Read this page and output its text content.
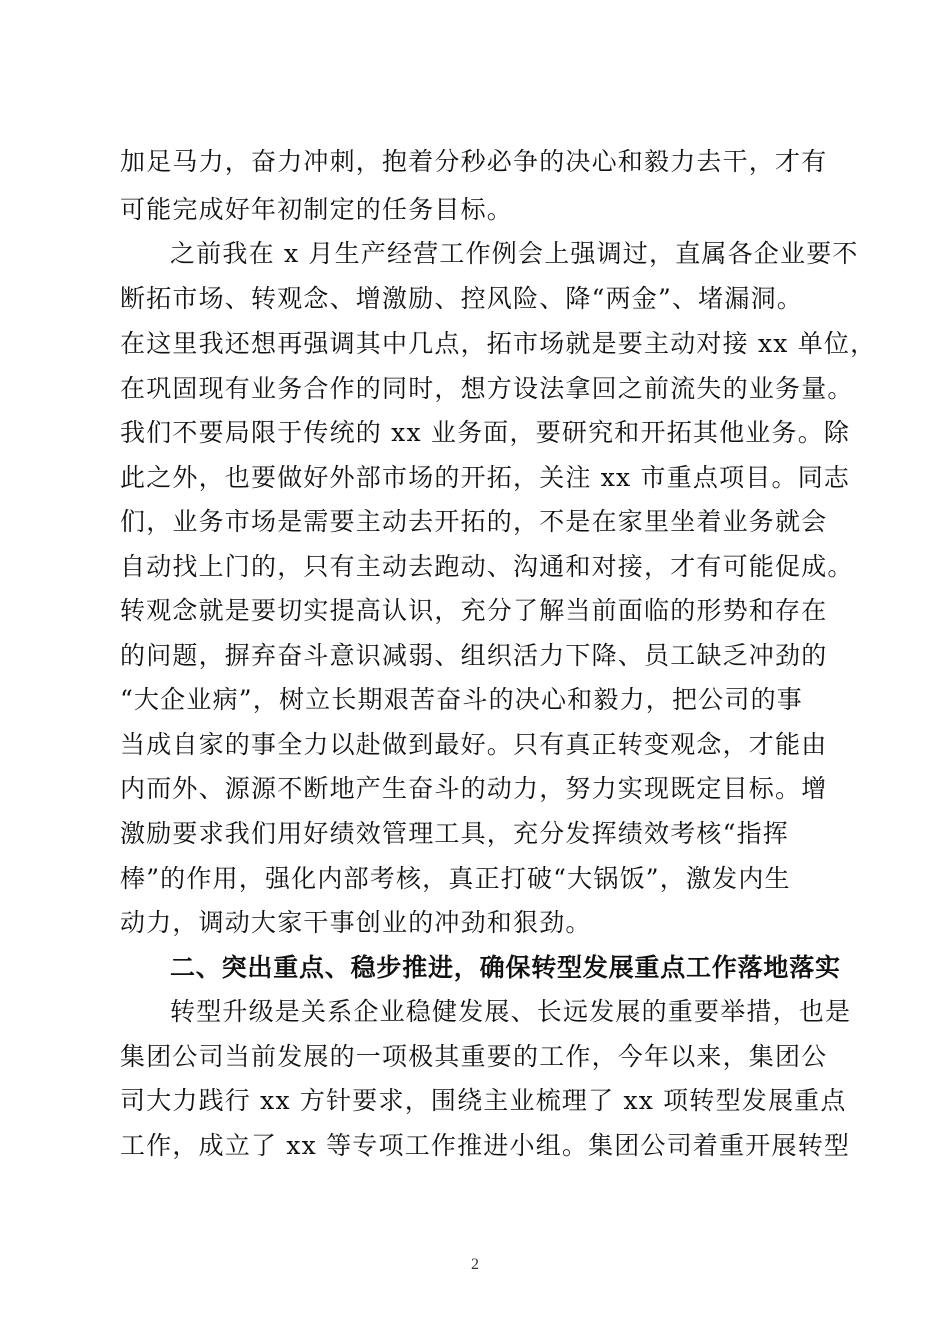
加足马力，奋力冲刺，抱着分秒必争的决心和毅力去干，才有
可能完成好年初制定的任务目标。
之前我在 x 月生产经营工作例会上强调过，直属各企业要不
断拓市场、转观念、增激励、控风险、降“两金”、堵漏洞。
在这里我还想再强调其中几点，拓市场就是要主动对接 xx 单位，
在巩固现有业务合作的同时，想方设法拿回之前流失的业务量。
我们不要局限于传统的 xx 业务面，要研究和开拓其他业务。除
此之外，也要做好外部市场的开拓，关注 xx 市重点项目。同志
们，业务市场是需要主动去开拓的，不是在家里坐着业务就会
自动找上门的，只有主动去跑动、沟通和对接，才有可能促成。
转观念就是要切实提高认识，充分了解当前面临的形势和存在
的问题，摒弃奋斗意识减弱、组织活力下降、员工缺乏冲劲的
“大企业病”，树立长期艰苦奋斗的决心和毅力，把公司的事
当成自家的事全力以赴做到最好。只有真正转变观念，才能由
内而外、源源不断地产生奋斗的动力，努力实现既定目标。增
激励要求我们用好绩效管理工具，充分发挥绩效考核“指挥
棒”的作用，强化内部考核，真正打破“大锅饭”，激发内生
动力，调动大家干事创业的冲劲和狠劲。
二、突出重点、稳步推进，确保转型发展重点工作落地落实
转型升级是关系企业稳健发展、长远发展的重要举措，也是
集团公司当前发展的一项极其重要的工作，今年以来，集团公
司大力践行 xx 方针要求，围绕主业梳理了 xx 项转型发展重点
工作，成立了 xx 等专项工作推进小组。集团公司着重开展转型
2
